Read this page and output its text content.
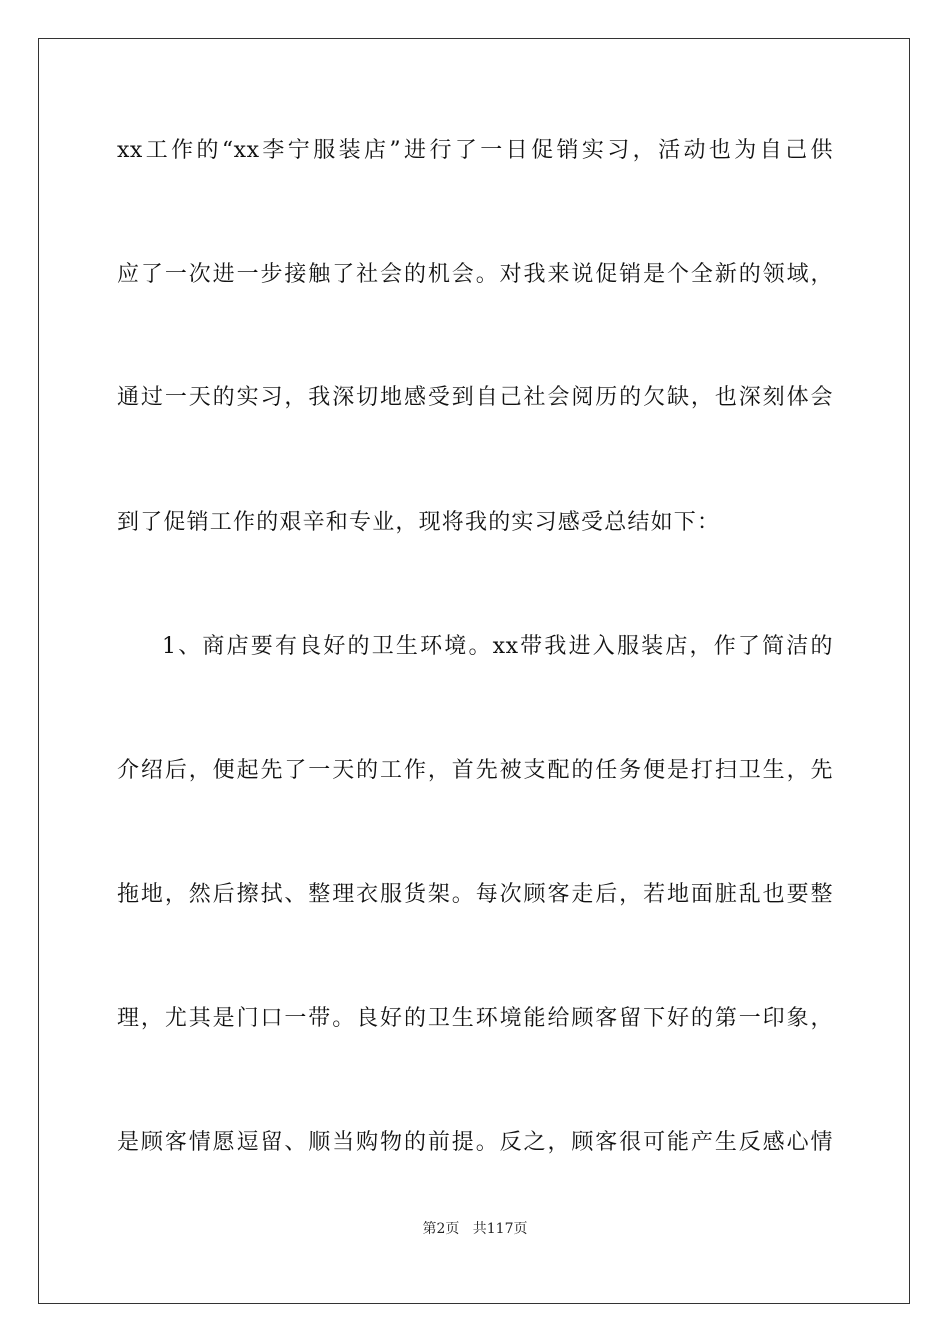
xx工作的“xx李宁服装店”进行了一日促销实习，活动也为自己供
应了一次进一步接触了社会的机会。对我来说促销是个全新的领域，
通过一天的实习，我深切地感受到自己社会阅历的欠缺，也深刻体会
到了促销工作的艰辛和专业，现将我的实习感受总结如下：
1、商店要有良好的卫生环境。xx带我进入服装店，作了简洁的
介绍后，便起先了一天的工作，首先被支配的任务便是打扫卫生，先
拖地，然后擦拭、整理衣服货架。每次顾客走后，若地面脏乱也要整
理，尤其是门口一带。良好的卫生环境能给顾客留下好的第一印象，
是顾客情愿逗留、顺当购物的前提。反之，顾客很可能产生反感心情
第2页 共117页
